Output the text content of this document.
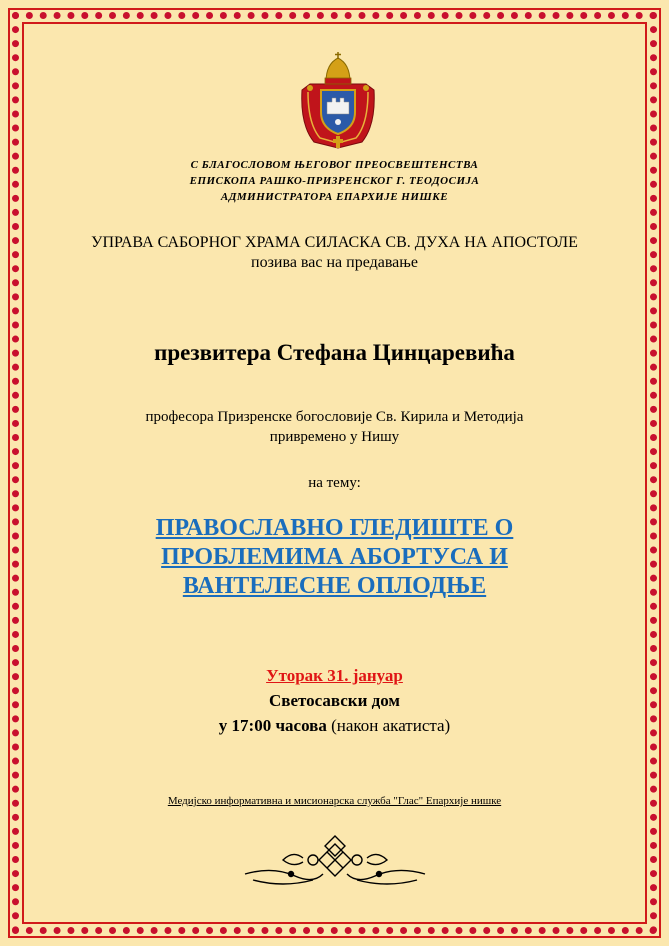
С БЛАГОСЛОВОМ ЊЕГОВОГ ПРЕОСВЕШТЕНСТВА
ЕПИСКОПА РАШКО-ПРИЗРЕНСКОГ Г. ТЕОДОСИЈА
АДМИНИСТРАТОРА ЕПАРХИЈЕ НИШКЕ
УПРАВА САБОРНОГ ХРАМА СИЛАСКА СВ. ДУХА НА АПОСТОЛЕ
позива вас на предавање
презвитера Стефана Цинцаревића
професора Призренске богословије Св. Кирила и Методија
привремено у Нишу
на тему:
ПРАВОСЛАВНО ГЛЕДИШТЕ О
ПРОБЛЕМИМА АБОРТУСА И
ВАНТЕЛЕСНЕ ОПЛОДЊЕ
Уторак 31. јануар
Светосавски дом
у 17:00 часова (након акатиста)
Медијско информативна и мисионарска служба "Глас" Епархије нишке
